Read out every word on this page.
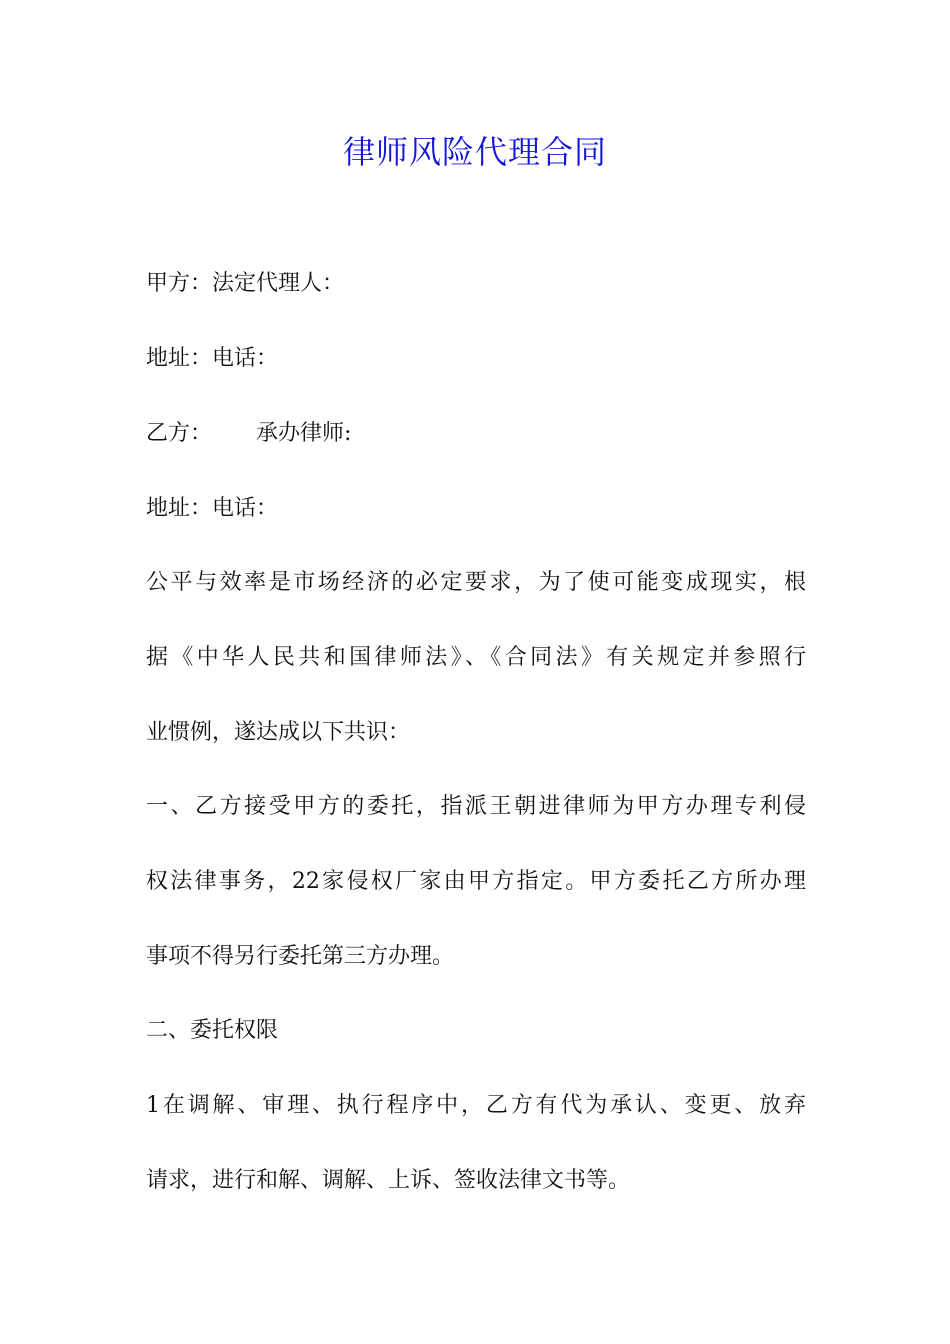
律师风险代理合同
甲方：法定代理人：
地址：电话：
乙方： 承办律师:
地址：电话：
公平与效率是市场经济的必定要求，为了使可能变成现实，根
据《中华人民共和国律师法》、《合同法》有关规定并参照行
业惯例，遂达成以下共识：
一、乙方接受甲方的委托，指派王朝进律师为甲方办理专利侵
权法律事务，22家侵权厂家由甲方指定。甲方委托乙方所办理
事项不得另行委托第三方办理。
二、委托权限
1在调解、审理、执行程序中，乙方有代为承认、变更、放弃
请求，进行和解、调解、上诉、签收法律文书等。
